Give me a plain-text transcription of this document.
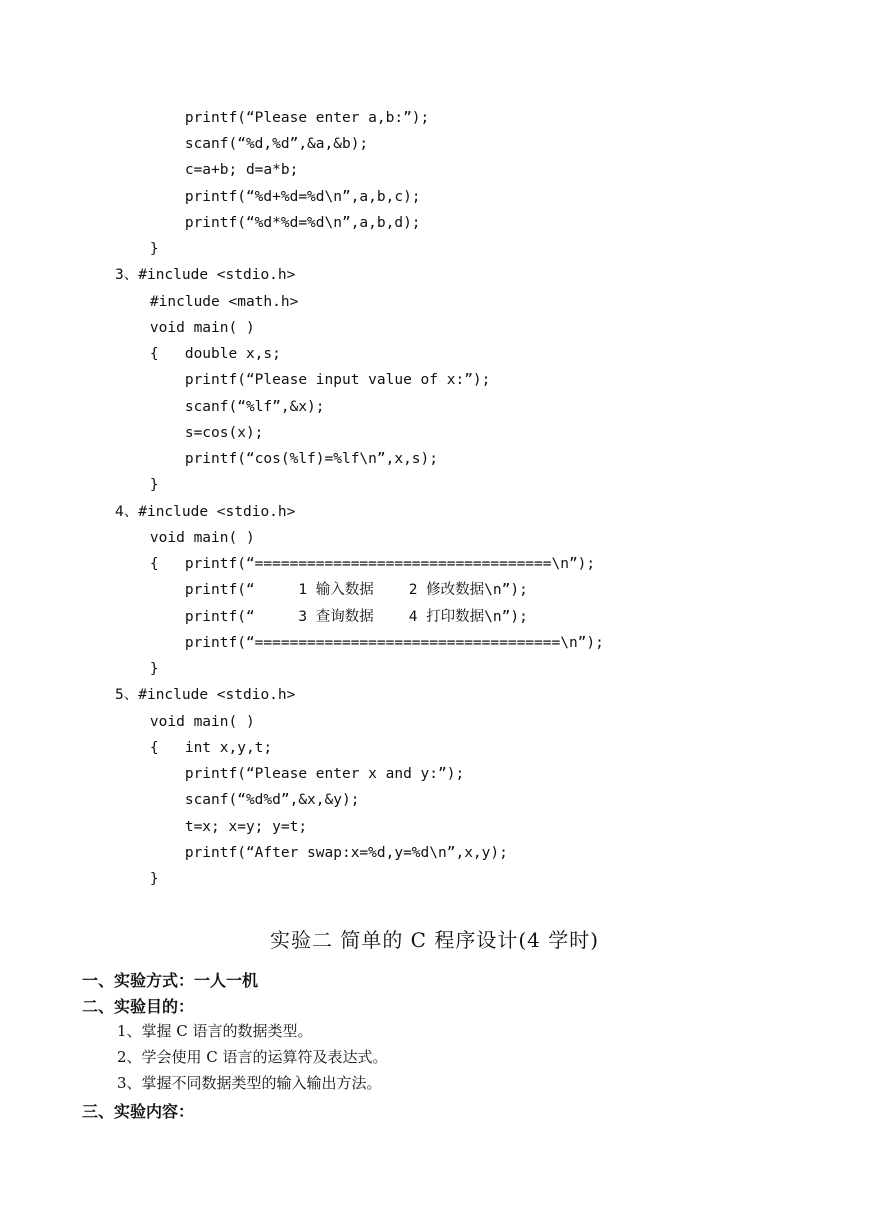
printf(“Please enter a,b:”);

scanf(“%d,%d”,&a,&b);

c=a+b; d=a*b;

printf(“%d+%d=%d\n”,a,b,c);

printf(“%d*%d=%d\n”,a,b,d);

}

3、#include <stdio.h>

#include <math.h>

void main( )

{   double x,s;

printf(“Please input value of x:”);

scanf(“%lf”,&x);

s=cos(x);

printf(“cos(%lf)=%lf\n”,x,s);

}

4、#include <stdio.h>

void main( )

{   printf(“==================================\n”);

printf(“     1 输入数据    2 修改数据\n”);

printf(“     3 查询数据    4 打印数据\n”);

printf(“===================================\n”);

}

5、#include <stdio.h>

void main( )

{   int x,y,t;

printf(“Please enter x and y:”);

scanf(“%d%d”,&x,&y);

t=x; x=y; y=t;

printf(“After swap:x=%d,y=%d\n”,x,y);

}

实验二 简单的 C 程序设计(4 学时)
一、实验方式：一人一机
二、实验目的：
1、掌握 C 语言的数据类型。
2、学会使用 C 语言的运算符及表达式。
3、掌握不同数据类型的输入输出方法。
三、实验内容：
